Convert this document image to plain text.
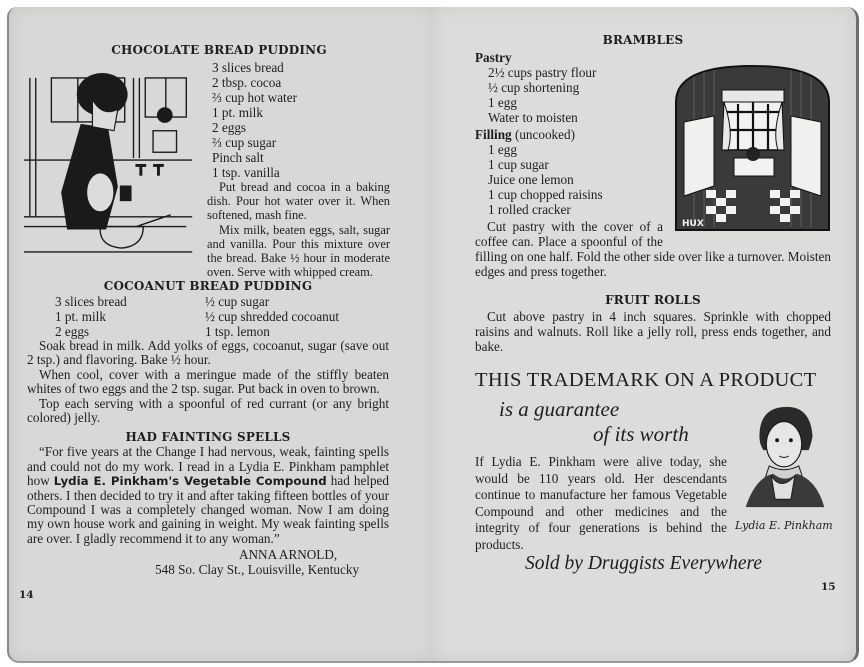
CHOCOLATE BREAD PUDDING
3 slices bread
2 tbsp. cocoa
⅔ cup hot water
1 pt. milk
2 eggs
⅔ cup sugar
Pinch salt
1 tsp. vanilla

Put bread and cocoa in a baking dish. Pour hot water over it. When softened, mash fine.

Mix milk, beaten eggs, salt, sugar and vanilla. Pour this mixture over the bread. Bake ½ hour in moderate oven. Serve with whipped cream.

COCOANUT BREAD PUDDING
3 slices bread
1 pt. milk
2 eggs
½ cup sugar
½ cup shredded cocoanut
1 tsp. lemon

Soak bread in milk. Add yolks of eggs, cocoanut, sugar (save out 2 tsp.) and flavoring. Bake ½ hour.

When cool, cover with a meringue made of the stiffly beaten whites of two eggs and the 2 tsp. sugar. Put back in oven to brown.

Top each serving with a spoonful of red currant (or any bright colored) jelly.

HAD FAINTING SPELLS
“For five years at the Change I had nervous, weak, fainting spells and could not do my work. I read in a Lydia E. Pinkham pamphlet how Lydia E. Pinkham's Vegetable Compound had helped others. I then decided to try it and after taking fifteen bottles of your Compound I was a completely changed woman. Now I am doing my own house work and gaining in weight. My weak fainting spells are over. I gladly recommend it to any woman.”
ANNA ARNOLD,
548 So. Clay St., Louisville, Kentucky
14
BRAMBLES
Pastry
2½ cups pastry flour
½ cup shortening
1 egg
Water to moisten
Filling (uncooked)
1 egg
1 cup sugar
Juice one lemon
1 cup chopped raisins
1 rolled cracker

Cut pastry with the cover of a coffee can. Place a spoonful of the filling on one half. Fold the other side over like a turnover. Moisten edges and press together.

FRUIT ROLLS

Cut above pastry in 4 inch squares. Sprinkle with chopped raisins and walnuts. Roll like a jelly roll, press ends together, and bake.

HUX
THIS TRADEMARK ON A PRODUCT
is a guarantee
of its worth
Lydia E. Pinkham
If Lydia E. Pinkham were alive today, she would be 110 years old. Her descendants continue to manufacture her famous Vegetable Compound and other medicines and the integrity of four generations is behind the products.
Sold by Druggists Everywhere
15
